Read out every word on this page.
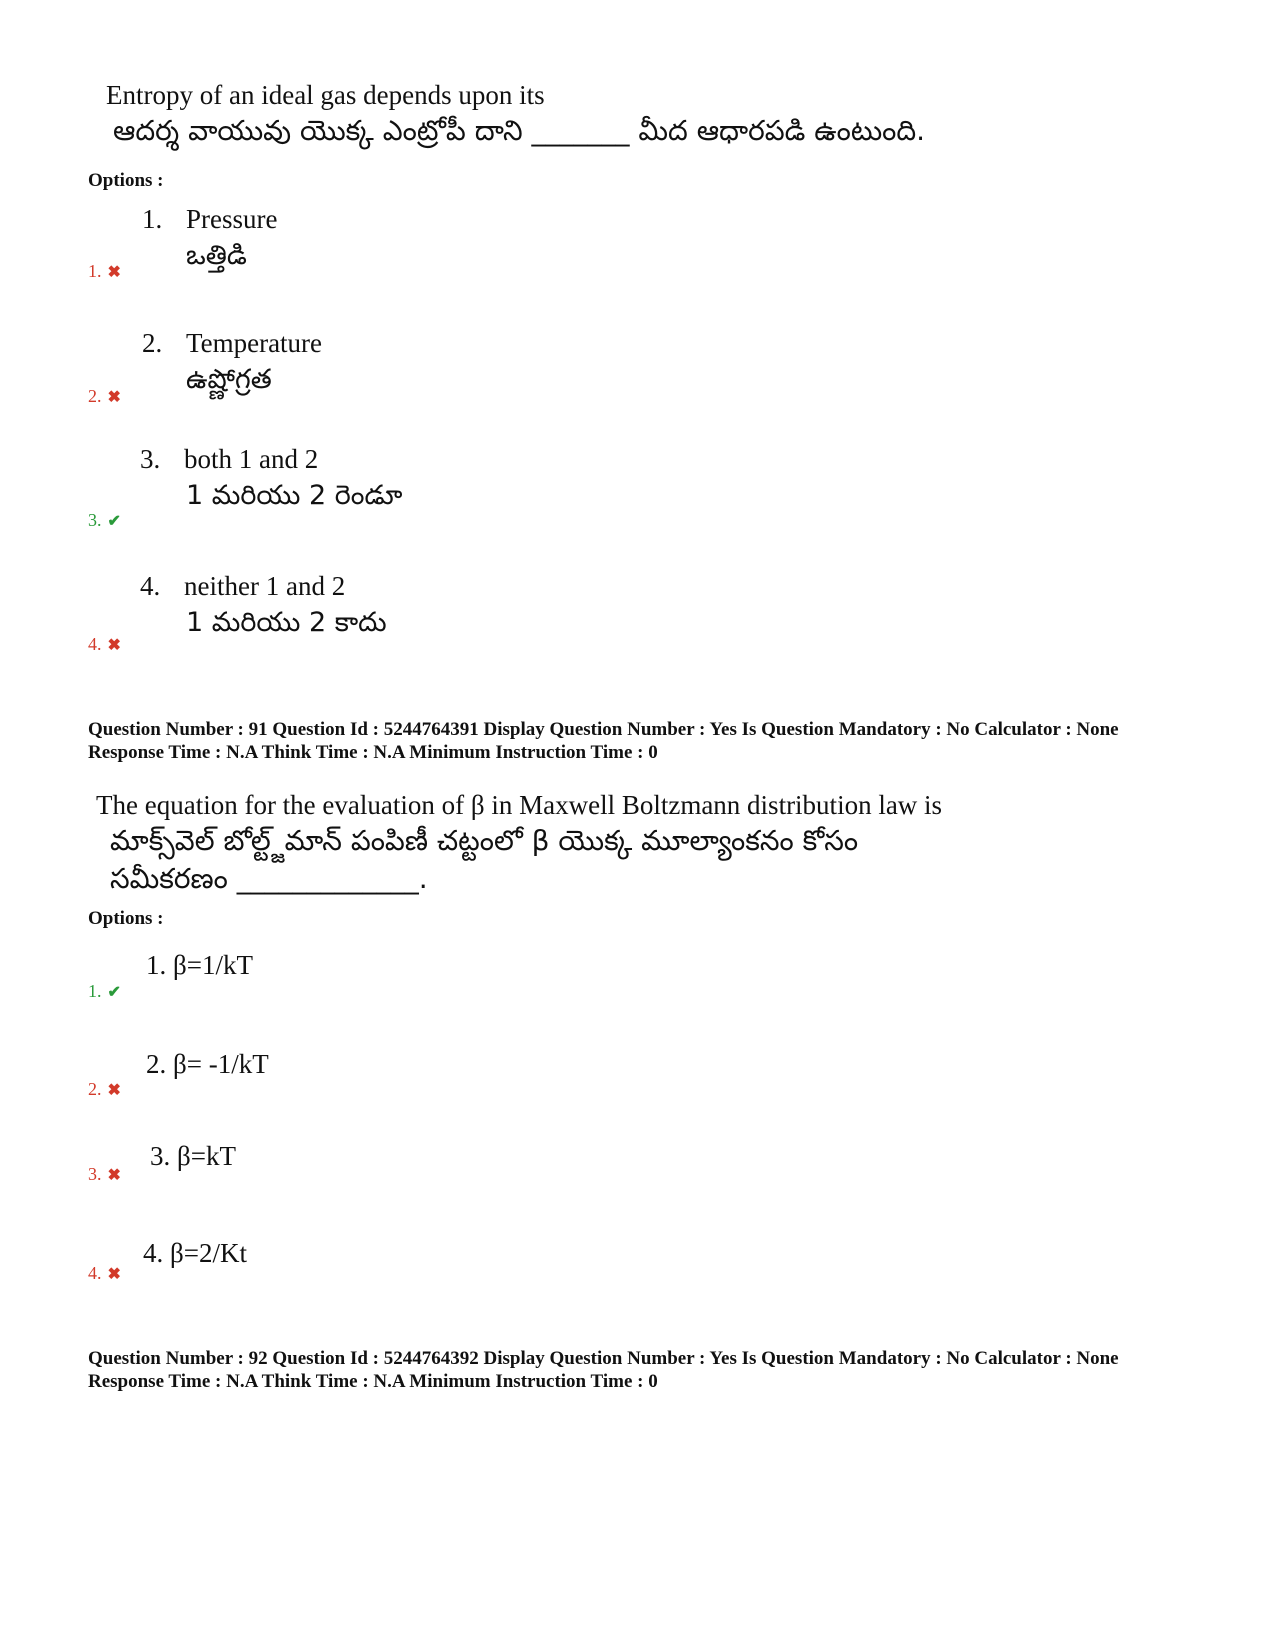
Entropy of an ideal gas depends upon its
ఆదర్శ వాయువు యొక్క ఎంట్రోపీ దాని _______ మీద ఆధారపడి ఉంటుంది.
Options :
1. Pressure
ఒత్తిడి
1. ✖
2. Temperature
ఉష్ణోగ్రత
2. ✖
3. both 1 and 2
1 మరియు 2 రెండూ
3. ✔
4. neither 1 and 2
1 మరియు 2 కాదు
4. ✖
Question Number : 91 Question Id : 5244764391 Display Question Number : Yes Is Question Mandatory : No Calculator : None Response Time : N.A Think Time : N.A Minimum Instruction Time : 0
The equation for the evaluation of β in Maxwell Boltzmann distribution law is
మాక్స్‌వెల్ బోల్ట్జ్‌మాన్ పంపిణీ చట్టంలో β యొక్క మూల్యాంకనం కోసం
సమీకరణం _____________.
Options :
1. β=1/kT
1. ✔
2. β= -1/kT
2. ✖
3. β=kT
3. ✖
4. β=2/Kt
4. ✖
Question Number : 92 Question Id : 5244764392 Display Question Number : Yes Is Question Mandatory : No Calculator : None Response Time : N.A Think Time : N.A Minimum Instruction Time : 0
